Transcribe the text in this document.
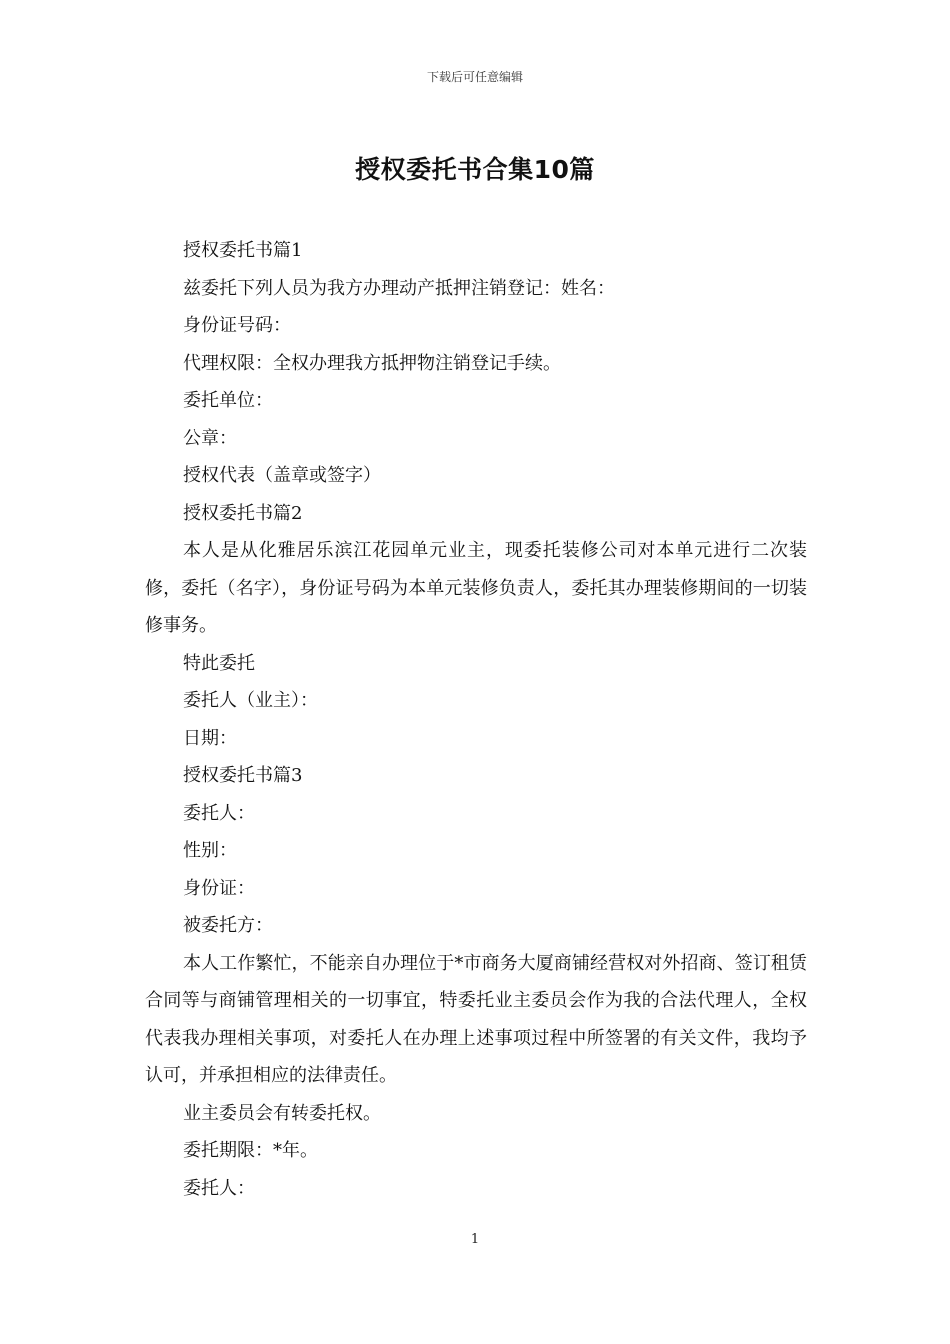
下载后可任意编辑
授权委托书合集10篇

授权委托书篇1

兹委托下列人员为我方办理动产抵押注销登记：姓名：

身份证号码：

代理权限：全权办理我方抵押物注销登记手续。

委托单位：

公章：

授权代表（盖章或签字）

授权委托书篇2

本人是从化雅居乐滨江花园单元业主，现委托装修公司对本单元进行二次装修，委托（名字），身份证号码为本单元装修负责人，委托其办理装修期间的一切装修事务。

特此委托

委托人（业主）：

日期：

授权委托书篇3

委托人：

性别：

身份证：

被委托方：

本人工作繁忙，不能亲自办理位于*市商务大厦商铺经营权对外招商、签订租赁合同等与商铺管理相关的一切事宜，特委托业主委员会作为我的合法代理人，全权代表我办理相关事项，对委托人在办理上述事项过程中所签署的有关文件，我均予认可，并承担相应的法律责任。

业主委员会有转委托权。

委托期限：*年。

委托人：

1
